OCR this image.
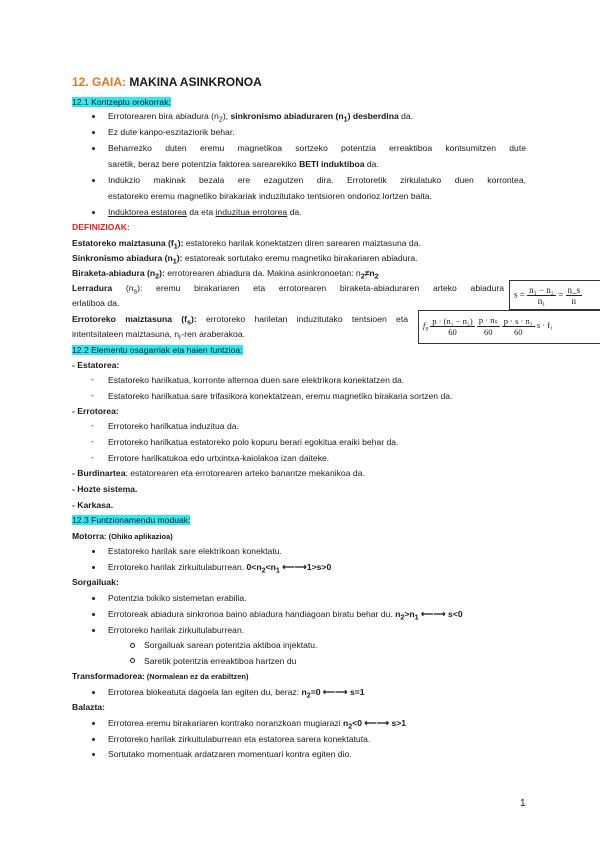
12. GAIA: MAKINA ASINKRONOA
12.1 Kontzeptu orokorrak:
Errotorearen bira abiadura $(n_2)$, sinkronismo abiaduraren $(n_1)$ desberdina da.
Ez dute kanpo-eszitaziorik behar.
Beharrezko duten eremu magnetikoa sortzeko potentzia erreaktiboa kontsumitzen dute
saretik, beraz bere potentzia faktorea sarearekiko BETI induktiboa da.
Indukzio makinak bezala ere ezagutzen dira. Errotoretik zirkulatuko duen korrontea,
estatoreko eremu magnetiko birakariak induzitutako tentsioren ondorioz lortzen baita.
Induktorea estatorea da eta induzitua errotorea da.
DEFINIZIOAK:
Estatoreko maiztasuna $(f_1)$: estatoreko harilak konektatzen diren sarearen maiztasuna da.
Sinkronismo abiadura $(n_1)$: estatoreak sortutako eremu magnetiko birakariaren abiadura.
Biraketa-abiadura $(n_2)$: errotorearen abiadura da. Makina asinkronoetan: $n_2\ne n_2$
Lerradura $(n_s)$: eremu birakariaren eta errotorearen biraketa-abiaduraren arteko abiadura
erlatiboa da.
Errotoreko maiztasuna $(f_s)$: errotoreko hariletan induzitutako tentsioen eta
intentsitateen maiztasuna, $n_r$-ren araberakoa.
$s = \frac{\text{n₁ − n₂}}{\text{n₁}} = \frac{n\_s}{n}$
$f_s \frac{\text{p · (n₁ − n₂)}}{60}$
$\frac{\text{p · nₛ}}{60}$
$\frac{\text{p · s · n₁}}{60}$ s · f₁
12.2 Elementu osagarriak eta haien funtzioa:
- Estatorea:
- Estatoreko harilkatua, korronte alternoa duen sare elektrikora konektatzen da.
- Estatoreko harilkatua sare trifasikora konektatzean, eremu magnetiko birakaria sortzen da.
- Errotorea:
- Errotoreko harilkatua induzitua da.
- Errotoreko harilkatua estatoreko polo kopuru berari egokitua eraiki behar da.
- Errotore harilkatukoa edo urtxintxa-kaiolakoa izan daiteke.
- Burdinartea: estatorearen eta errotorearen arteko banantze mekanikoa da.
- Hozte sistema.
- Karkasa.
12.3 Funtzionamendu moduak:
Motorra: (Ohiko aplikazioa)
Estatoreko harilak sare elektrikoan konektatu.
Errotoreko harilak zirkuitulaburrean. $0<n_2<n_1$ ⟵⟶1>s>0
Sorgailuak:
Potentzia txikiko sistemetan erabilia.
Errotoreak abiadura sinkronoa baino abiadura handiagoan biratu behar du. $n_2>n_1$ ⟵⟶ s<0
Errotoreko harilak zirkuitulaburrean.
Sorgailuak sarean potentzia aktiboa injektatu.
Saretik potentzia erreaktiboa hartzen du
Transformadorea: (Normalean ez da erabiltzen)
Errotorea blokeatuta dagoela lan egiten du, beraz: $n_2=0$ ⟵⟶ s=1
Balazta:
Errotorea eremu birakariaren kontrako noranzkoan mugiarazi $n_2<0$ ⟵⟶ s>1
Errotoreko harilak zirkuitulaburrean eta estatorea sarera konektatuta.
Sortutako momentuak ardatzaren momentuari kontra egiten dio.
1
